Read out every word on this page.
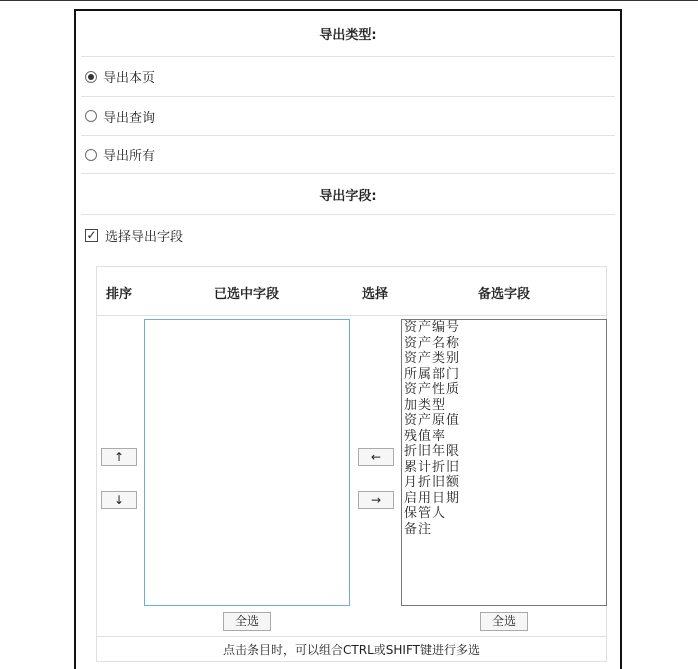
导出类型:
导出本页
导出查询
导出所有
导出字段:
✓ 选择导出字段
排序	已选中字段	选择	备选字段
↑
↓
←
→
资产编号
资产名称
资产类别
所属部门
资产性质
加类型
资产原值
残值率
折旧年限
累计折旧
月折旧额
启用日期
保管人
备注
全选	全选
点击条目时，可以组合CTRL或SHIFT键进行多选
